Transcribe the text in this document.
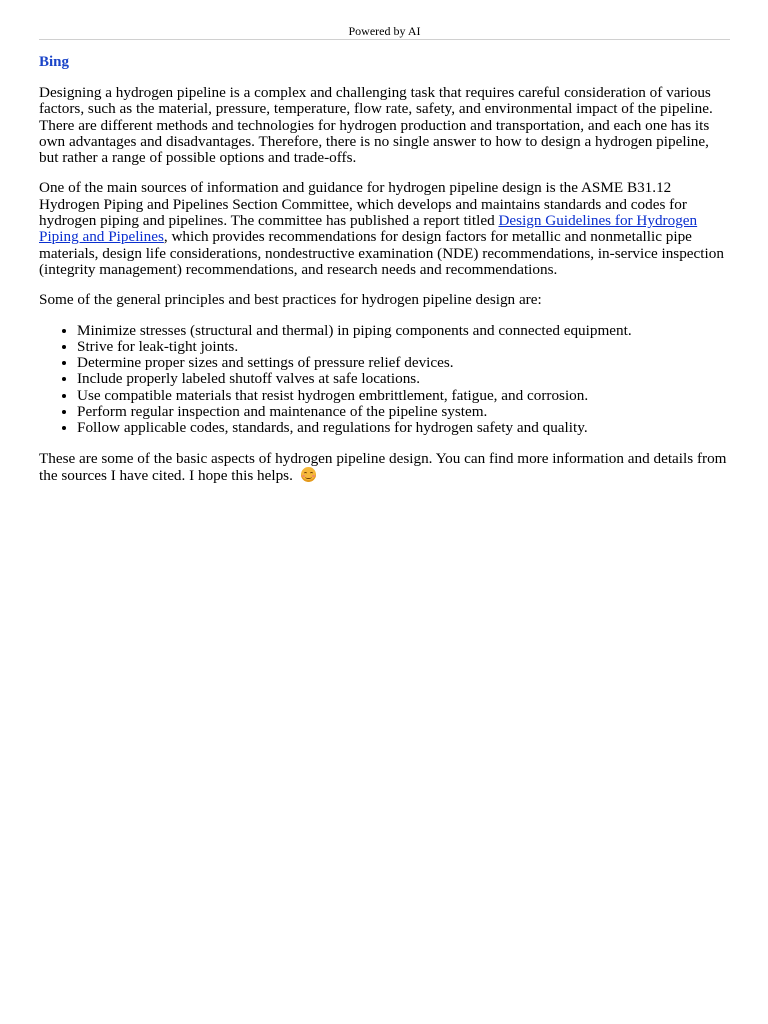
Powered by AI
Bing

Designing a hydrogen pipeline is a complex and challenging task that requires careful consideration of various factors, such as the material, pressure, temperature, flow rate, safety, and environmental impact of the pipeline. There are different methods and technologies for hydrogen production and transportation, and each one has its own advantages and disadvantages. Therefore, there is no single answer to how to design a hydrogen pipeline, but rather a range of possible options and trade-offs.

One of the main sources of information and guidance for hydrogen pipeline design is the ASME B31.12 Hydrogen Piping and Pipelines Section Committee, which develops and maintains standards and codes for hydrogen piping and pipelines. The committee has published a report titled Design Guidelines for Hydrogen Piping and Pipelines, which provides recommendations for design factors for metallic and nonmetallic pipe materials, design life considerations, nondestructive examination (NDE) recommendations, in-service inspection (integrity management) recommendations, and research needs and recommendations.

Some of the general principles and best practices for hydrogen pipeline design are:

• Minimize stresses (structural and thermal) in piping components and connected equipment.
• Strive for leak-tight joints.
• Determine proper sizes and settings of pressure relief devices.
• Include properly labeled shutoff valves at safe locations.
• Use compatible materials that resist hydrogen embrittlement, fatigue, and corrosion.
• Perform regular inspection and maintenance of the pipeline system.
• Follow applicable codes, standards, and regulations for hydrogen safety and quality.

These are some of the basic aspects of hydrogen pipeline design. You can find more information and details from the sources I have cited. I hope this helps.
